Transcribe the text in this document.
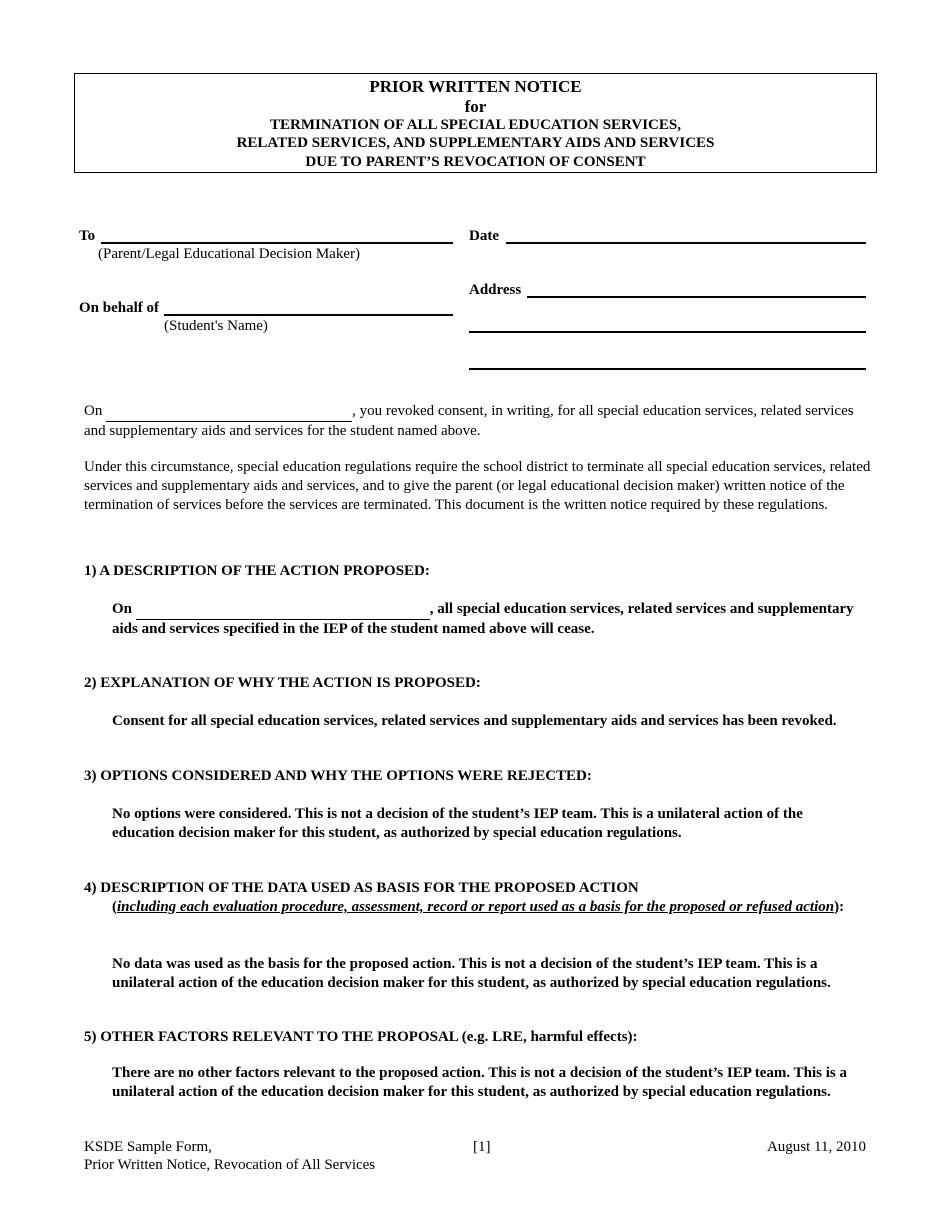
PRIOR WRITTEN NOTICE
for
TERMINATION OF ALL SPECIAL EDUCATION SERVICES,
RELATED SERVICES, AND SUPPLEMENTARY AIDS AND SERVICES
DUE TO PARENT’S REVOCATION OF CONSENT
To
(Parent/Legal Educational Decision Maker)
On behalf of
(Student's Name)
Date
Address
On	, you revoked consent, in writing, for all special education services, related services and supplementary aids and services for the student named above.
Under this circumstance, special education regulations require the school district to terminate all special education services, related services and supplementary aids and services, and to give the parent (or legal educational decision maker) written notice of the termination of services before the services are terminated. This document is the written notice required by these regulations.
1) A DESCRIPTION OF THE ACTION PROPOSED:
On	, all special education services, related services and supplementary aids and services specified in the IEP of the student named above will cease.
2) EXPLANATION OF WHY THE ACTION IS PROPOSED:
Consent for all special education services, related services and supplementary aids and services has been revoked.
3) OPTIONS CONSIDERED AND WHY THE OPTIONS WERE REJECTED:
No options were considered. This is not a decision of the student’s IEP team. This is a unilateral action of the education decision maker for this student, as authorized by special education regulations.
4) DESCRIPTION OF THE DATA USED AS BASIS FOR THE PROPOSED ACTION
(including each evaluation procedure, assessment, record or report used as a basis for the proposed or refused action):
No data was used as the basis for the proposed action. This is not a decision of the student’s IEP team. This is a unilateral action of the education decision maker for this student, as authorized by special education regulations.
5) OTHER FACTORS RELEVANT TO THE PROPOSAL (e.g. LRE, harmful effects):
There are no other factors relevant to the proposed action. This is not a decision of the student’s IEP team. This is a unilateral action of the education decision maker for this student, as authorized by special education regulations.
KSDE Sample Form,
Prior Written Notice, Revocation of All Services
[1]	August 11, 2010
